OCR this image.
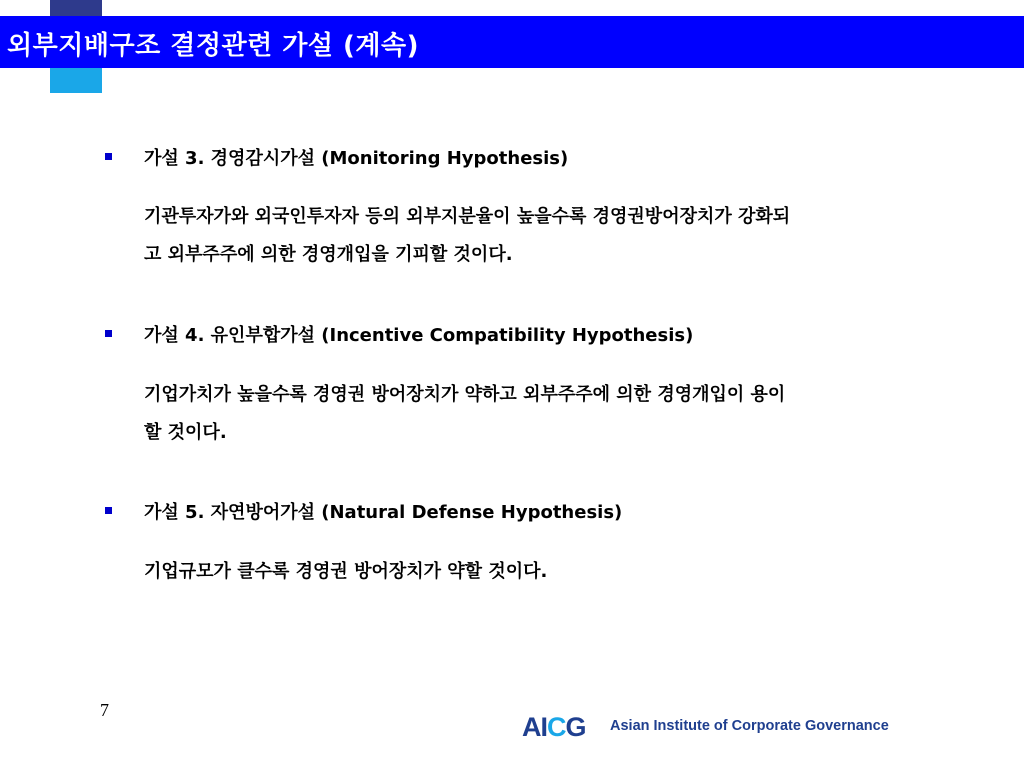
외부지배구조 결정관련 가설 (계속)
가설 3. 경영감시가설 (Monitoring Hypothesis)
기관투자가와 외국인투자자 등의 외부지분율이 높을수록 경영권방어장치가 강화되
고 외부주주에 의한 경영개입을 기피할 것이다.
가설 4. 유인부합가설 (Incentive Compatibility Hypothesis)
기업가치가 높을수록 경영권 방어장치가 약하고 외부주주에 의한 경영개입이 용이
할 것이다.
가설 5. 자연방어가설 (Natural Defense Hypothesis)
기업규모가 클수록 경영권 방어장치가 약할 것이다.
7
AICG Asian Institute of Corporate Governance
